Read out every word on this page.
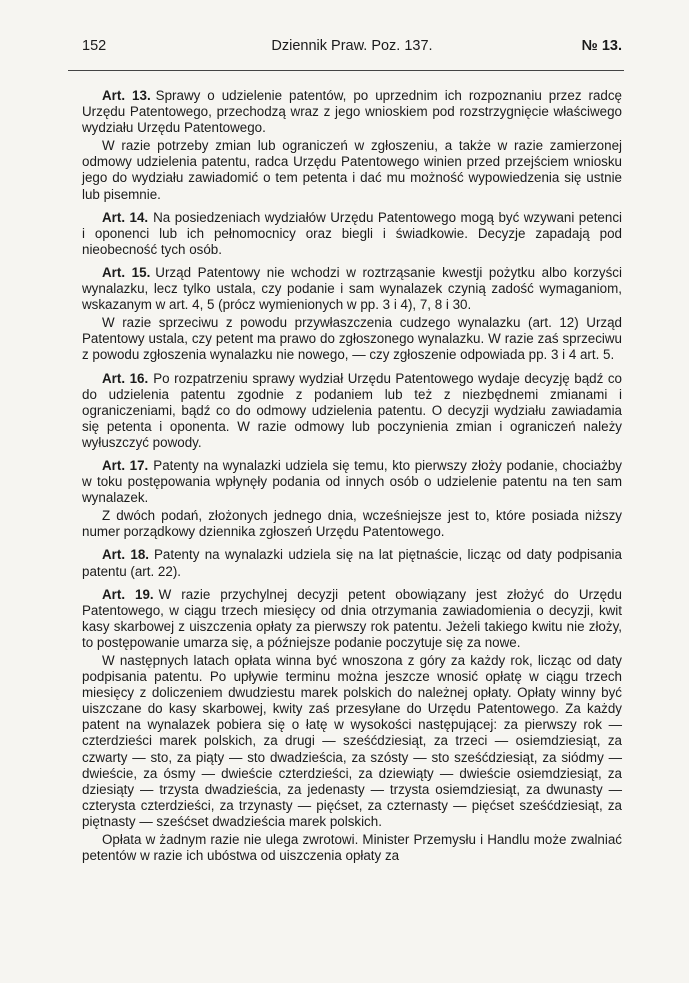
152	Dziennik Praw. Poz. 137.	№ 13.

Art. 13. Sprawy o udzielenie patentów, po uprzednim ich rozpoznaniu przez radcę Urzędu Patentowego, przechodzą wraz z jego wnioskiem pod rozstrzygnięcie właściwego wydziału Urzędu Patentowego.

W razie potrzeby zmian lub ograniczeń w zgłoszeniu, a także w razie zamierzonej odmowy udzielenia patentu, radca Urzędu Patentowego winien przed przejściem wniosku jego do wydziału zawiadomić o tem petenta i dać mu możność wypowiedzenia się ustnie lub pisemnie.

Art. 14. Na posiedzeniach wydziałów Urzędu Patentowego mogą być wzywani petenci i oponenci lub ich pełnomocnicy oraz biegli i świadkowie. Decyzje zapadają pod nieobecność tych osób.

Art. 15. Urząd Patentowy nie wchodzi w roztrząsanie kwestji pożytku albo korzyści wynalazku, lecz tylko ustala, czy podanie i sam wynalazek czynią zadość wymaganiom, wskazanym w art. 4, 5 (prócz wymienionych w pp. 3 i 4), 7, 8 i 30.

W razie sprzeciwu z powodu przywłaszczenia cudzego wynalazku (art. 12) Urząd Patentowy ustala, czy petent ma prawo do zgłoszonego wynalazku. W razie zaś sprzeciwu z powodu zgłoszenia wynalazku nie nowego, — czy zgłoszenie odpowiada pp. 3 i 4 art. 5.

Art. 16. Po rozpatrzeniu sprawy wydział Urzędu Patentowego wydaje decyzję bądź co do udzielenia patentu zgodnie z podaniem lub też z niezbędnemi zmianami i ograniczeniami, bądź co do odmowy udzielenia patentu. O decyzji wydziału zawiadamia się petenta i oponenta. W razie odmowy lub poczynienia zmian i ograniczeń należy wyłuszczyć powody.

Art. 17. Patenty na wynalazki udziela się temu, kto pierwszy złoży podanie, chociażby w toku postępowania wpłynęły podania od innych osób o udzielenie patentu na ten sam wynalazek.

Z dwóch podań, złożonych jednego dnia, wcześniejsze jest to, które posiada niższy numer porządkowy dziennika zgłoszeń Urzędu Patentowego.

Art. 18. Patenty na wynalazki udziela się na lat piętnaście, licząc od daty podpisania patentu (art. 22).

Art. 19. W razie przychylnej decyzji petent obowiązany jest złożyć do Urzędu Patentowego, w ciągu trzech miesięcy od dnia otrzymania zawiadomienia o decyzji, kwit kasy skarbowej z uiszczenia opłaty za pierwszy rok patentu. Jeżeli takiego kwitu nie złoży, to postępowanie umarza się, a późniejsze podanie poczytuje się za nowe.

W następnych latach opłata winna być wnoszona z góry za każdy rok, licząc od daty podpisania patentu. Po upływie terminu można jeszcze wnosić opłatę w ciągu trzech miesięcy z doliczeniem dwudziestu marek polskich do należnej opłaty. Opłaty winny być uiszczane do kasy skarbowej, kwity zaś przesyłane do Urzędu Patentowego. Za każdy patent na wynalazek pobiera się o łatę w wysokości następującej: za pierwszy rok — czterdzieści marek polskich, za drugi — sześćdziesiąt, za trzeci — osiemdziesiąt, za czwarty — sto, za piąty — sto dwadzieścia, za szósty — sto sześćdziesiąt, za siódmy — dwieście, za ósmy — dwieście czterdzieści, za dziewiąty — dwieście osiemdziesiąt, za dziesiąty — trzysta dwadzieścia, za jedenasty — trzysta osiemdziesiąt, za dwunasty — czterysta czterdzieści, za trzynasty — pięćset, za czternasty — pięćset sześćdziesiąt, za piętnasty — sześćset dwadzieścia marek polskich.

Opłata w żadnym razie nie ulega zwrotowi. Minister Przemysłu i Handlu może zwalniać petentów w razie ich ubóstwa od uiszczenia opłaty za
